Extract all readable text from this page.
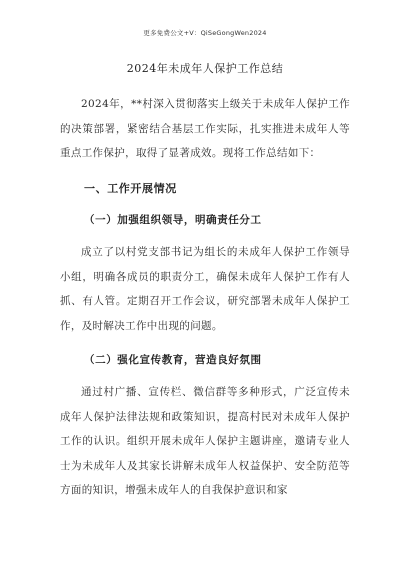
更多免费公文+V：QiSeGongWen2024
2024年未成年人保护工作总结

2024年，**村深入贯彻落实上级关于未成年人保护工作的决策部署，紧密结合基层工作实际，扎实推进未成年人等重点工作保护，取得了显著成效。现将工作总结如下：

一、工作开展情况
（一）加强组织领导，明确责任分工

成立了以村党支部书记为组长的未成年人保护工作领导小组，明确各成员的职责分工，确保未成年人保护工作有人抓、有人管。定期召开工作会议，研究部署未成年人保护工作，及时解决工作中出现的问题。

（二）强化宣传教育，营造良好氛围

通过村广播、宣传栏、微信群等多种形式，广泛宣传未成年人保护法律法规和政策知识，提高村民对未成年人保护工作的认识。组织开展未成年人保护主题讲座，邀请专业人士为未成年人及其家长讲解未成年人权益保护、安全防范等方面的知识，增强未成年人的自我保护意识和家
